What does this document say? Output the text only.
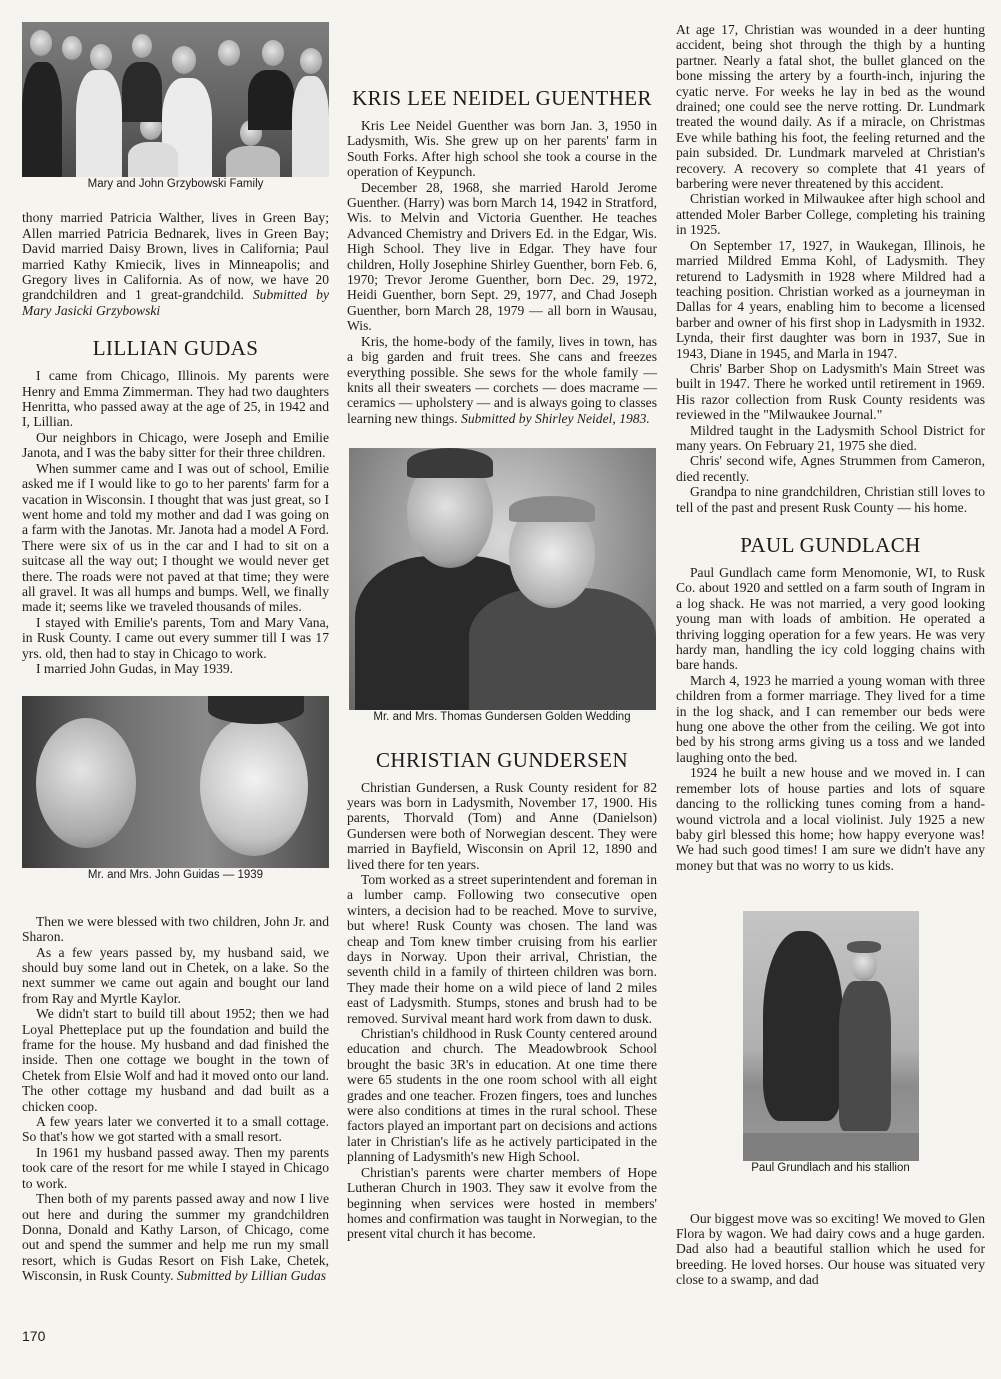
Mary and John Grzybowski Family

thony married Patricia Walther, lives in Green Bay; Allen married Patricia Bednarek, lives in Green Bay; David married Daisy Brown, lives in California; Paul married Kathy Kmiecik, lives in Minneapolis; and Gregory lives in California. As of now, we have 20 grandchildren and 1 great-grandchild. Submitted by Mary Jasicki Grzybowski

LILLIAN GUDAS

I came from Chicago, Illinois. My parents were Henry and Emma Zimmerman. They had two daughters Henritta, who passed away at the age of 25, in 1942 and I, Lillian.

Our neighbors in Chicago, were Joseph and Emilie Janota, and I was the baby sitter for their three children.

When summer came and I was out of school, Emilie asked me if I would like to go to her parents' farm for a vacation in Wisconsin. I thought that was just great, so I went home and told my mother and dad I was going on a farm with the Janotas. Mr. Janota had a model A Ford. There were six of us in the car and I had to sit on a suitcase all the way out; I thought we would never get there. The roads were not paved at that time; they were all gravel. It was all humps and bumps. Well, we finally made it; seems like we traveled thousands of miles.

I stayed with Emilie's parents, Tom and Mary Vana, in Rusk County. I came out every summer till I was 17 yrs. old, then had to stay in Chicago to work.

I married John Gudas, in May 1939.

Mr. and Mrs. John Guidas — 1939

Then we were blessed with two children, John Jr. and Sharon.

As a few years passed by, my husband said, we should buy some land out in Chetek, on a lake. So the next summer we came out again and bought our land from Ray and Myrtle Kaylor.

We didn't start to build till about 1952; then we had Loyal Phetteplace put up the foundation and build the frame for the house. My husband and dad finished the inside. Then one cottage we bought in the town of Chetek from Elsie Wolf and had it moved onto our land. The other cottage my husband and dad built as a chicken coop.

A few years later we converted it to a small cottage. So that's how we got started with a small resort.

In 1961 my husband passed away. Then my parents took care of the resort for me while I stayed in Chicago to work.

Then both of my parents passed away and now I live out here and during the summer my grandchildren Donna, Donald and Kathy Larson, of Chicago, come out and spend the summer and help me run my small resort, which is Gudas Resort on Fish Lake, Chetek, Wisconsin, in Rusk County. Submitted by Lillian Gudas

KRIS LEE NEIDEL GUENTHER

Kris Lee Neidel Guenther was born Jan. 3, 1950 in Ladysmith, Wis. She grew up on her parents' farm in South Forks. After high school she took a course in the operation of Keypunch.

December 28, 1968, she married Harold Jerome Guenther. (Harry) was born March 14, 1942 in Stratford, Wis. to Melvin and Victoria Guenther. He teaches Advanced Chemistry and Drivers Ed. in the Edgar, Wis. High School. They live in Edgar. They have four children, Holly Josephine Shirley Guenther, born Feb. 6, 1970; Trevor Jerome Guenther, born Dec. 29, 1972, Heidi Guenther, born Sept. 29, 1977, and Chad Joseph Guenther, born March 28, 1979 — all born in Wausau, Wis.

Kris, the home-body of the family, lives in town, has a big garden and fruit trees. She cans and freezes everything possible. She sews for the whole family — knits all their sweaters — corchets — does macrame — ceramics — upholstery — and is always going to classes learning new things. Submitted by Shirley Neidel, 1983.

Mr. and Mrs. Thomas Gundersen Golden Wedding

CHRISTIAN GUNDERSEN

Christian Gundersen, a Rusk County resident for 82 years was born in Ladysmith, November 17, 1900. His parents, Thorvald (Tom) and Anne (Danielson) Gundersen were both of Norwegian descent. They were married in Bayfield, Wisconsin on April 12, 1890 and lived there for ten years.

Tom worked as a street superintendent and foreman in a lumber camp. Following two consecutive open winters, a decision had to be reached. Move to survive, but where! Rusk County was chosen. The land was cheap and Tom knew timber cruising from his earlier days in Norway. Upon their arrival, Christian, the seventh child in a family of thirteen children was born. They made their home on a wild piece of land 2 miles east of Ladysmith. Stumps, stones and brush had to be removed. Survival meant hard work from dawn to dusk.

Christian's childhood in Rusk County centered around education and church. The Meadowbrook School brought the basic 3R's in education. At one time there were 65 students in the one room school with all eight grades and one teacher. Frozen fingers, toes and lunches were also conditions at times in the rural school. These factors played an important part on decisions and actions later in Christian's life as he actively participated in the planning of Ladysmith's new High School.

Christian's parents were charter members of Hope Lutheran Church in 1903. They saw it evolve from the beginning when services were hosted in members' homes and confirmation was taught in Norwegian, to the present vital church it has become.

At age 17, Christian was wounded in a deer hunting accident, being shot through the thigh by a hunting partner. Nearly a fatal shot, the bullet glanced on the bone missing the artery by a fourth-inch, injuring the cyatic nerve. For weeks he lay in bed as the wound drained; one could see the nerve rotting. Dr. Lundmark treated the wound daily. As if a miracle, on Christmas Eve while bathing his foot, the feeling returned and the pain subsided. Dr. Lundmark marveled at Christian's recovery. A recovery so complete that 41 years of barbering were never threatened by this accident.

Christian worked in Milwaukee after high school and attended Moler Barber College, completing his training in 1925.

On September 17, 1927, in Waukegan, Illinois, he married Mildred Emma Kohl, of Ladysmith. They returend to Ladysmith in 1928 where Mildred had a teaching position. Christian worked as a journeyman in Dallas for 4 years, enabling him to become a licensed barber and owner of his first shop in Ladysmith in 1932. Lynda, their first daughter was born in 1937, Sue in 1943, Diane in 1945, and Marla in 1947.

Chris' Barber Shop on Ladysmith's Main Street was built in 1947. There he worked until retirement in 1969. His razor collection from Rusk County residents was reviewed in the "Milwaukee Journal."

Mildred taught in the Ladysmith School District for many years. On February 21, 1975 she died.

Chris' second wife, Agnes Strummen from Cameron, died recently.

Grandpa to nine grandchildren, Christian still loves to tell of the past and present Rusk County — his home.

PAUL GUNDLACH

Paul Gundlach came form Menomonie, WI, to Rusk Co. about 1920 and settled on a farm south of Ingram in a log shack. He was not married, a very good looking young man with loads of ambition. He operated a thriving logging operation for a few years. He was very hardy man, handling the icy cold logging chains with bare hands.

March 4, 1923 he married a young woman with three children from a former marriage. They lived for a time in the log shack, and I can remember our beds were hung one above the other from the ceiling. We got into bed by his strong arms giving us a toss and we landed laughing onto the bed.

1924 he built a new house and we moved in. I can remember lots of house parties and lots of square dancing to the rollicking tunes coming from a hand-wound victrola and a local violinist. July 1925 a new baby girl blessed this home; how happy everyone was! We had such good times! I am sure we didn't have any money but that was no worry to us kids.

Paul Grundlach and his stallion

Our biggest move was so exciting! We moved to Glen Flora by wagon. We had dairy cows and a huge garden. Dad also had a beautiful stallion which he used for breeding. He loved horses. Our house was situated very close to a swamp, and dad

170
